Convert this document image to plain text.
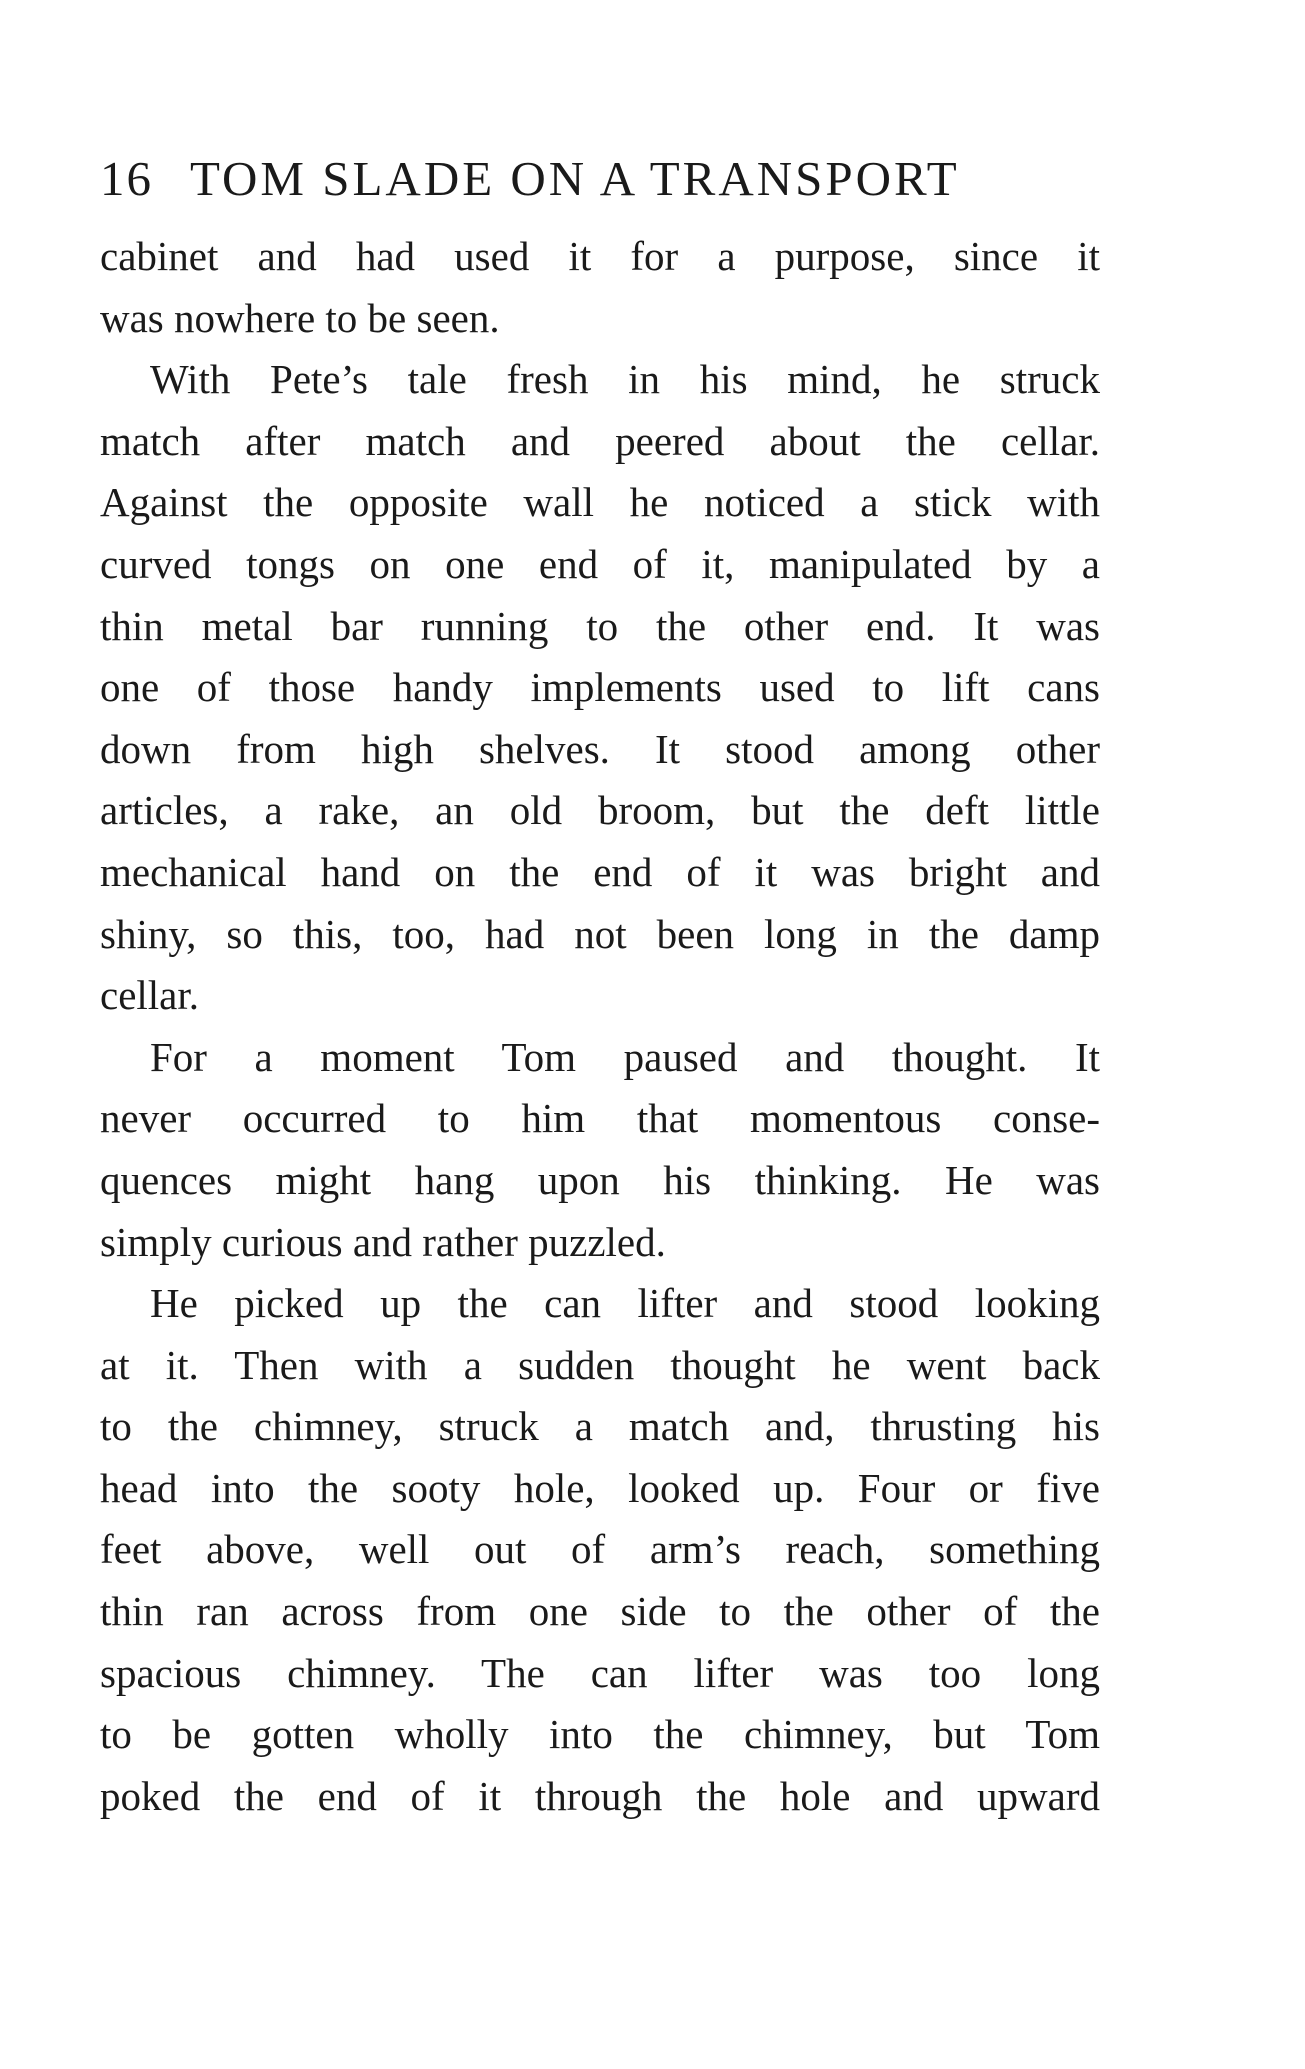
16 TOM SLADE ON A TRANSPORT
cabinet and had used it for a purpose, since it
was nowhere to be seen.
With Pete’s tale fresh in his mind, he struck
match after match and peered about the cellar.
Against the opposite wall he noticed a stick with
curved tongs on one end of it, manipulated by a
thin metal bar running to the other end. It was
one of those handy implements used to lift cans
down from high shelves. It stood among other
articles, a rake, an old broom, but the deft little
mechanical hand on the end of it was bright and
shiny, so this, too, had not been long in the damp
cellar.
For a moment Tom paused and thought. It
never occurred to him that momentous conse-
quences might hang upon his thinking. He was
simply curious and rather puzzled.
He picked up the can lifter and stood looking
at it. Then with a sudden thought he went back
to the chimney, struck a match and, thrusting his
head into the sooty hole, looked up. Four or five
feet above, well out of arm’s reach, something
thin ran across from one side to the other of the
spacious chimney. The can lifter was too long
to be gotten wholly into the chimney, but Tom
poked the end of it through the hole and upward
